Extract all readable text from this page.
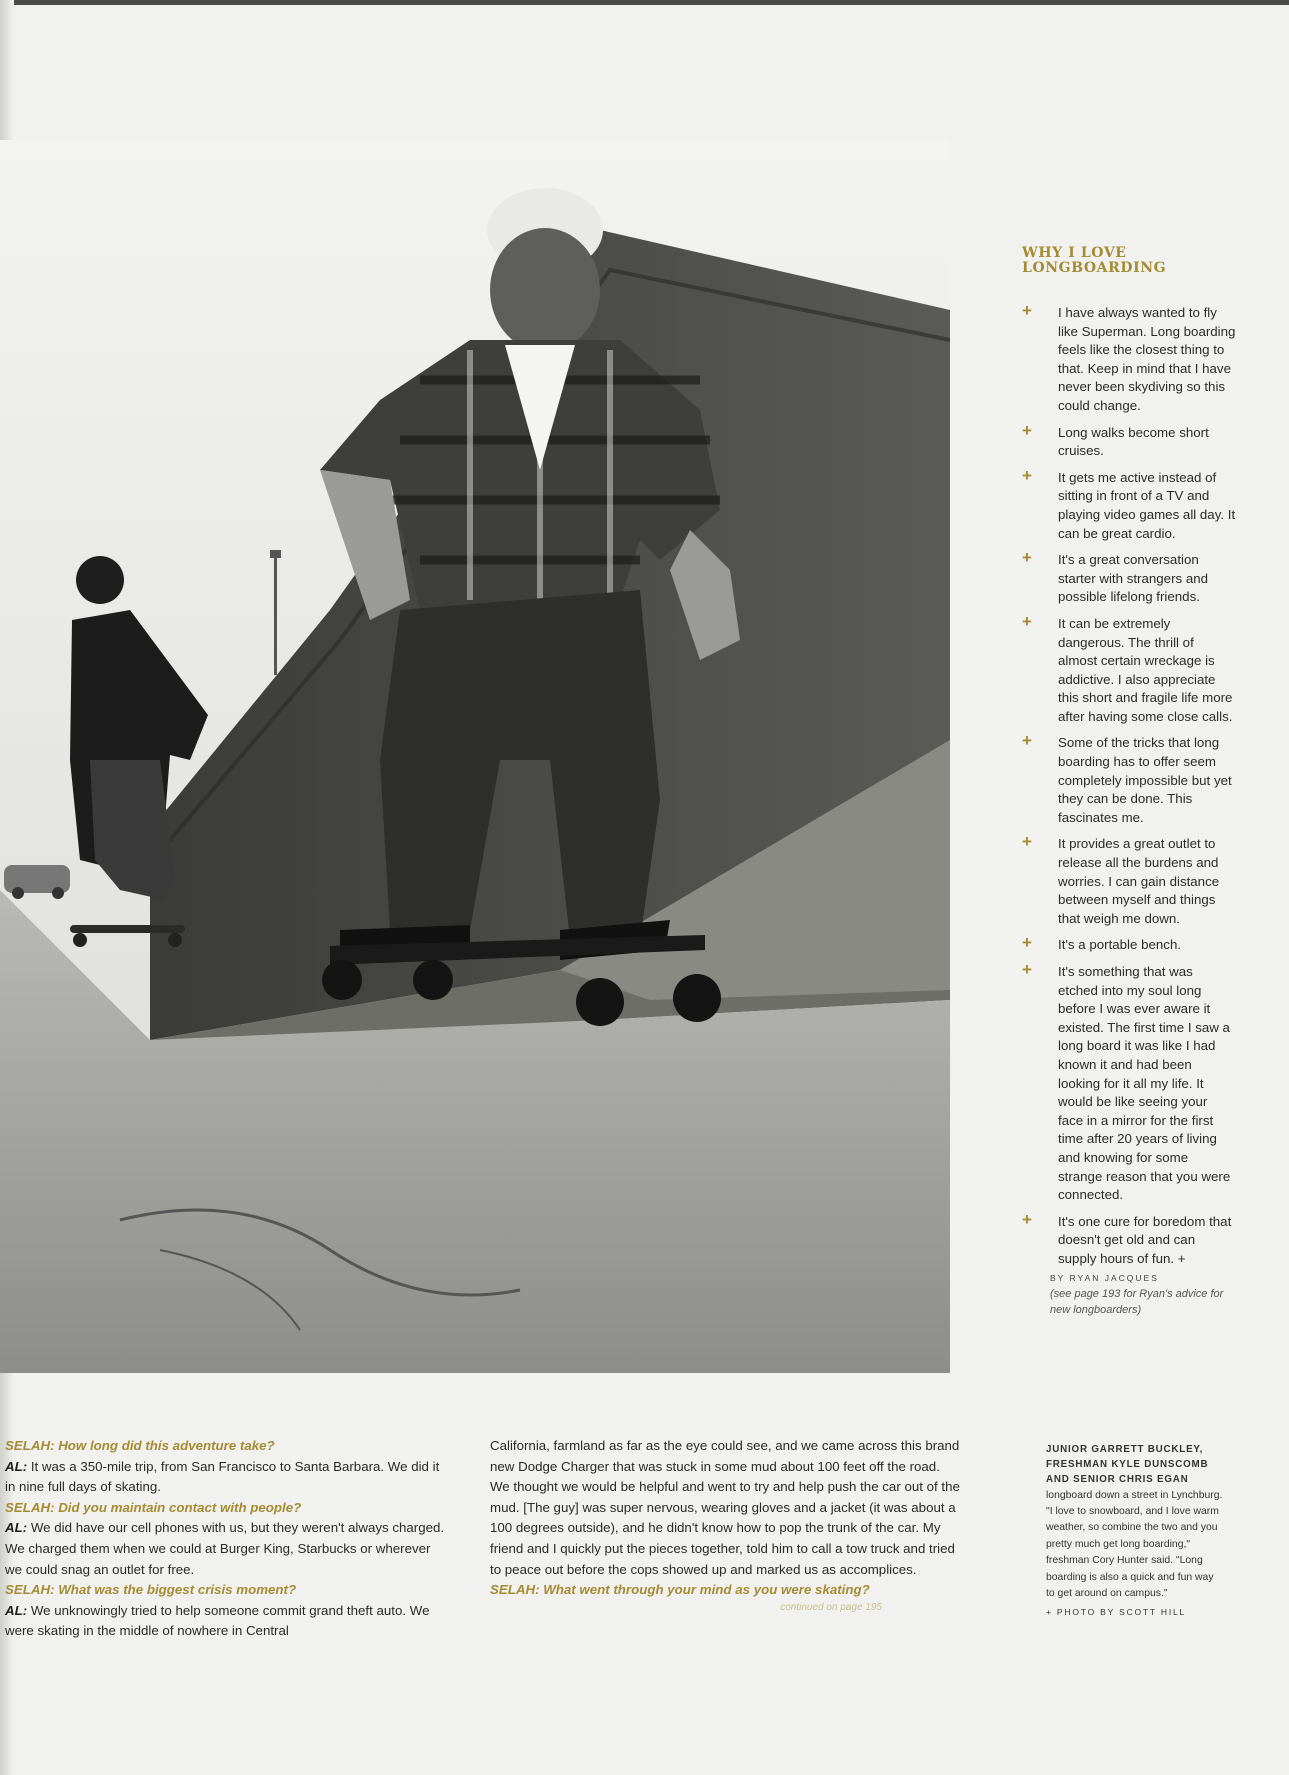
WHY I LOVE LONGBOARDING
+ I have always wanted to fly like Superman. Long boarding feels like the closest thing to that. Keep in mind that I have never been skydiving so this could change.
+ Long walks become short cruises.
+ It gets me active instead of sitting in front of a TV and playing video games all day. It can be great cardio.
+ It's a great conversation starter with strangers and possible lifelong friends.
+ It can be extremely dangerous. The thrill of almost certain wreckage is addictive. I also appreciate this short and fragile life more after having some close calls.
+ Some of the tricks that long boarding has to offer seem completely impossible but yet they can be done. This fascinates me.
+ It provides a great outlet to release all the burdens and worries. I can gain distance between myself and things that weigh me down.
+ It's a portable bench.
+ It's something that was etched into my soul long before I was ever aware it existed. The first time I saw a long board it was like I had known it and had been looking for it all my life. It would be like seeing your face in a mirror for the first time after 20 years of living and knowing for some strange reason that you were connected.
+ It's one cure for boredom that doesn't get old and can supply hours of fun. +
BY RYAN JACQUES
(see page 193 for Ryan's advice for new longboarders)
SELAH: How long did this adventure take?
AL: It was a 350-mile trip, from San Francisco to Santa Barbara. We did it in nine full days of skating.
SELAH: Did you maintain contact with people?
AL: We did have our cell phones with us, but they weren't always charged. We charged them when we could at Burger King, Starbucks or wherever we could snag an outlet for free.
SELAH: What was the biggest crisis moment?
AL: We unknowingly tried to help someone commit grand theft auto. We were skating in the middle of nowhere in Central
California, farmland as far as the eye could see, and we came across this brand new Dodge Charger that was stuck in some mud about 100 feet off the road. We thought we would be helpful and went to try and help push the car out of the mud. [The guy] was super nervous, wearing gloves and a jacket (it was about a 100 degrees outside), and he didn't know how to pop the trunk of the car. My friend and I quickly put the pieces together, told him to call a tow truck and tried to peace out before the cops showed up and marked us as accomplices.
SELAH: What went through your mind as you were skating?
continued on page 195
JUNIOR GARRETT BUCKLEY, FRESHMAN KYLE DUNSCOMB AND SENIOR CHRIS EGAN
longboard down a street in Lynchburg. "I love to snowboard, and I love warm weather, so combine the two and you pretty much get long boarding," freshman Cory Hunter said. "Long boarding is also a quick and fun way to get around on campus."
+ PHOTO BY SCOTT HILL
